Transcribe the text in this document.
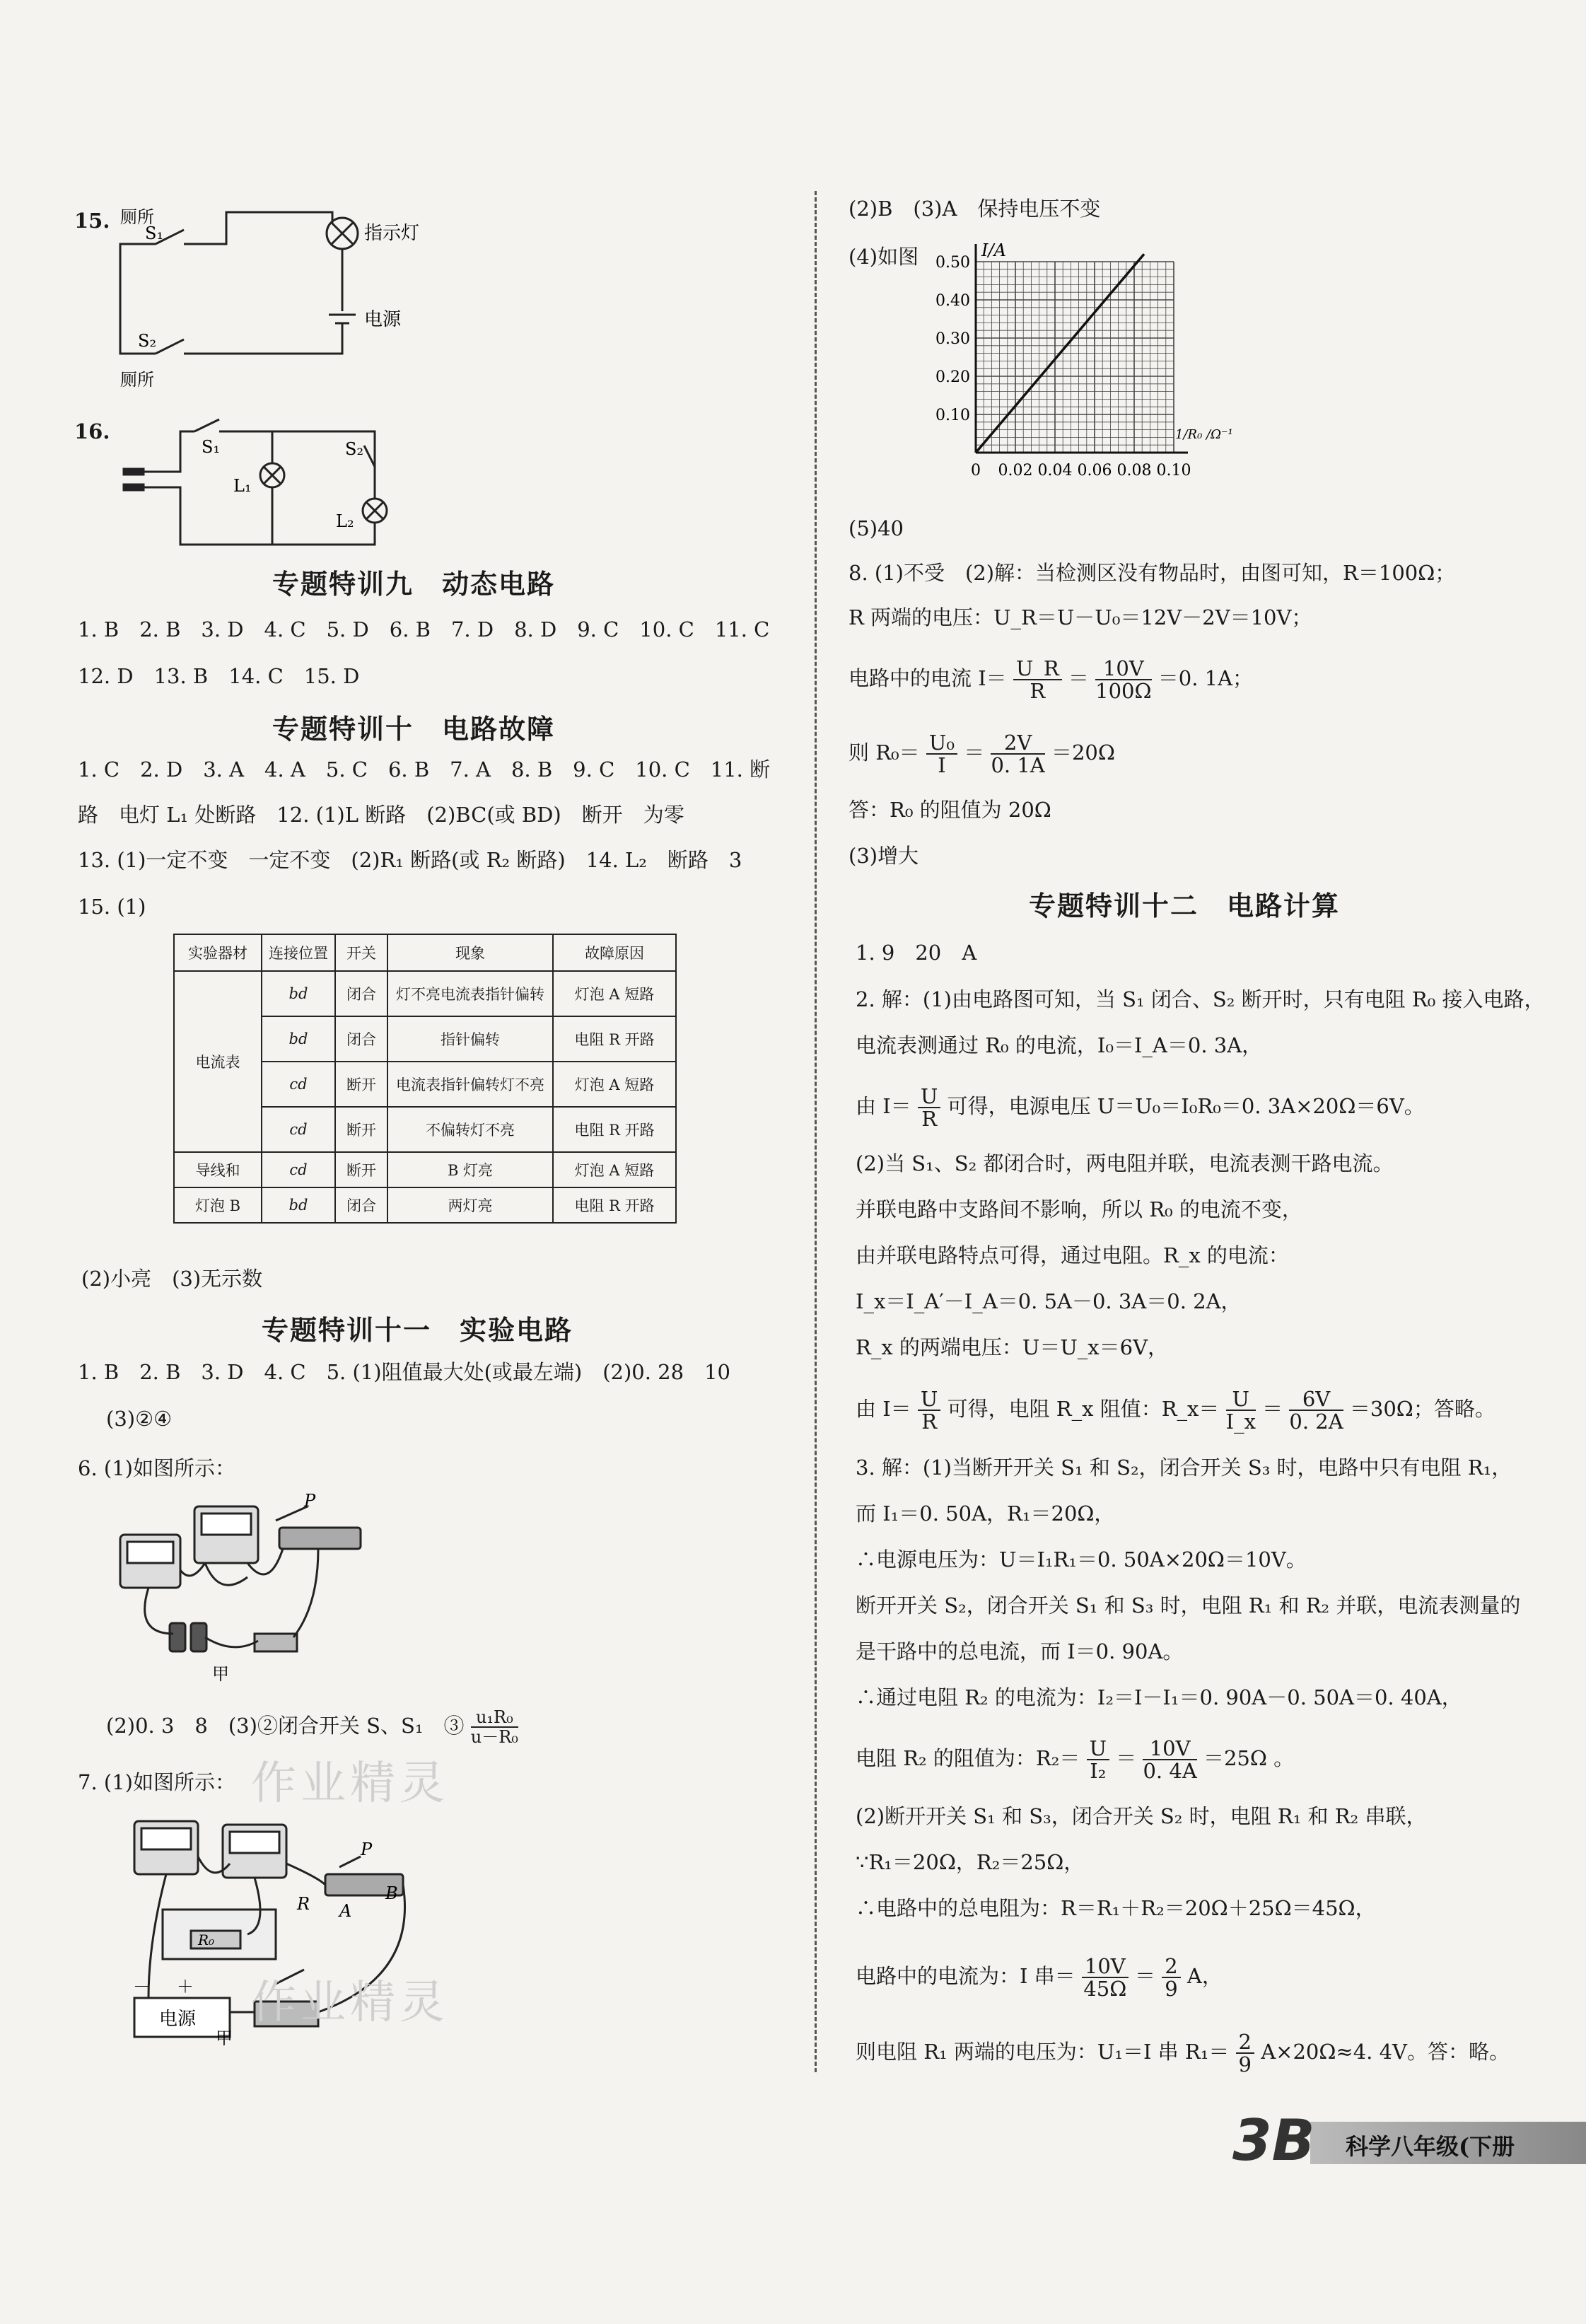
15. 厕所
S₁	指示灯
电源
S₂
厕所
16.
S₁	S₂
L₁
L₂
专题特训九　动态电路
1. B　2. B　3. D　4. C　5. D　6. B　7. D　8. D　9. C　10. C　11. C
12. D　13. B　14. C　15. D
专题特训十　电路故障
1. C　2. D　3. A　4. A　5. C　6. B　7. A　8. B　9. C　10. C　11. 断
路　电灯 L₁ 处断路　12. (1)L 断路　(2)BC(或 BD)　断开　为零
13. (1)一定不变　一定不变　(2)R₁ 断路(或 R₂ 断路)　14. L₂　断路　3
15. (1)
实验器材	连接位置	开关	现象	故障原因
电流表	bd	闭合	灯不亮电流表指针偏转	灯泡 A 短路
	bd	闭合	指针偏转	电阻 R 开路
	cd	断开	电流表指针偏转灯不亮	灯泡 A 短路
	cd	断开	不偏转灯不亮	电阻 R 开路
导线和	cd	断开	B 灯亮	灯泡 A 短路
灯泡 B	bd	闭合	两灯亮	电阻 R 开路
(2)小亮　(3)无示数
专题特训十一　实验电路
1. B　2. B　3. D　4. C　5. (1)阻值最大处(或最左端)　(2)0. 28　10
(3)②④
6. (1)如图所示：
P
甲
(2)0. 3　8　(3)②闭合开关 S、S₁　③ $\frac{\text{u₁R₀}}{\text{u－R₀}}$
7. (1)如图所示：
R A
B
P
R₀
－ ＋
电源
甲
作业精灵
作业精灵
(2)B　(3)A　保持电压不变
(4)如图
0 0.02 0.04 0.06 0.08 0.10
0.10
0.20
0.30
0.40
0.50
I/A
1/R₀ /Ω⁻¹
(5)40
8. (1)不受　(2)解：当检测区没有物品时，由图可知，R＝100Ω；
R 两端的电压：U_R＝U－U₀＝12V－2V＝10V；
电路中的电流 $I= \frac{U\_R}{R} = \frac{10V}{100\Omega} =0$. 1A；
则 $R_0= \frac{\text{U₀}}{I} = \frac{2V}{0. 1A} =20\Omega$
答：R₀ 的阻值为 20Ω
(3)增大
专题特训十二　电路计算
1. 9　20　A
2. 解：(1)由电路图可知，当 S₁ 闭合、S₂ 断开时，只有电阻 R₀ 接入电路，
电流表测通过 R₀ 的电流，I₀＝I_A＝0. 3A，
由 $I= \frac{U}{R}$ 可得，电源电压 U＝U₀＝I₀R₀＝0. 3A×20Ω＝6V。
(2)当 S₁、S₂ 都闭合时，两电阻并联，电流表测干路电流。
并联电路中支路间不影响，所以 R₀ 的电流不变，
由并联电路特点可得，通过电阻。R_x 的电流：
I_x＝I_A′－I_A＝0. 5A－0. 3A＝0. 2A，
R_x 的两端电压：U＝U_x＝6V，
由 $I= \frac{U}{R}$ 可得，电阻 R_x 阻值：R_x＝ $\frac{U}{I\_x} = \frac{6V}{0. 2A} =30\Omega$；答略。
3. 解：(1)当断开开关 S₁ 和 S₂，闭合开关 S₃ 时，电路中只有电阻 R₁，
而 I₁＝0. 50A，R₁＝20Ω，
∴电源电压为：U＝I₁R₁＝0. 50A×20Ω＝10V。
断开开关 S₂，闭合开关 S₁ 和 S₃ 时，电阻 R₁ 和 R₂ 并联，电流表测量的
是干路中的总电流，而 I＝0. 90A。
∴通过电阻 R₂ 的电流为：I₂＝I－I₁＝0. 90A－0. 50A＝0. 40A，
电阻 R₂ 的阻值为：$R_2= \frac{U}{\text{I₂}} = \frac{10V}{0. 4A} =25\Omega$ 。
(2)断开开关 S₁ 和 S₃，闭合开关 S₂ 时，电阻 R₁ 和 R₂ 串联，
∵R₁＝20Ω，R₂＝25Ω，
∴电路中的总电阻为：R＝R₁＋R₂＝20Ω＋25Ω＝45Ω，
电路中的电流为：I 串＝ $\frac{10V}{45\Omega} = \frac{2}{9}$ A，
则电阻 R₁ 两端的电压为：U₁＝I 串 $R_1= \frac{2}{9} A\times 20\Omega\approx 4$. 4V。答：略。
3B 科学八年级(下册
